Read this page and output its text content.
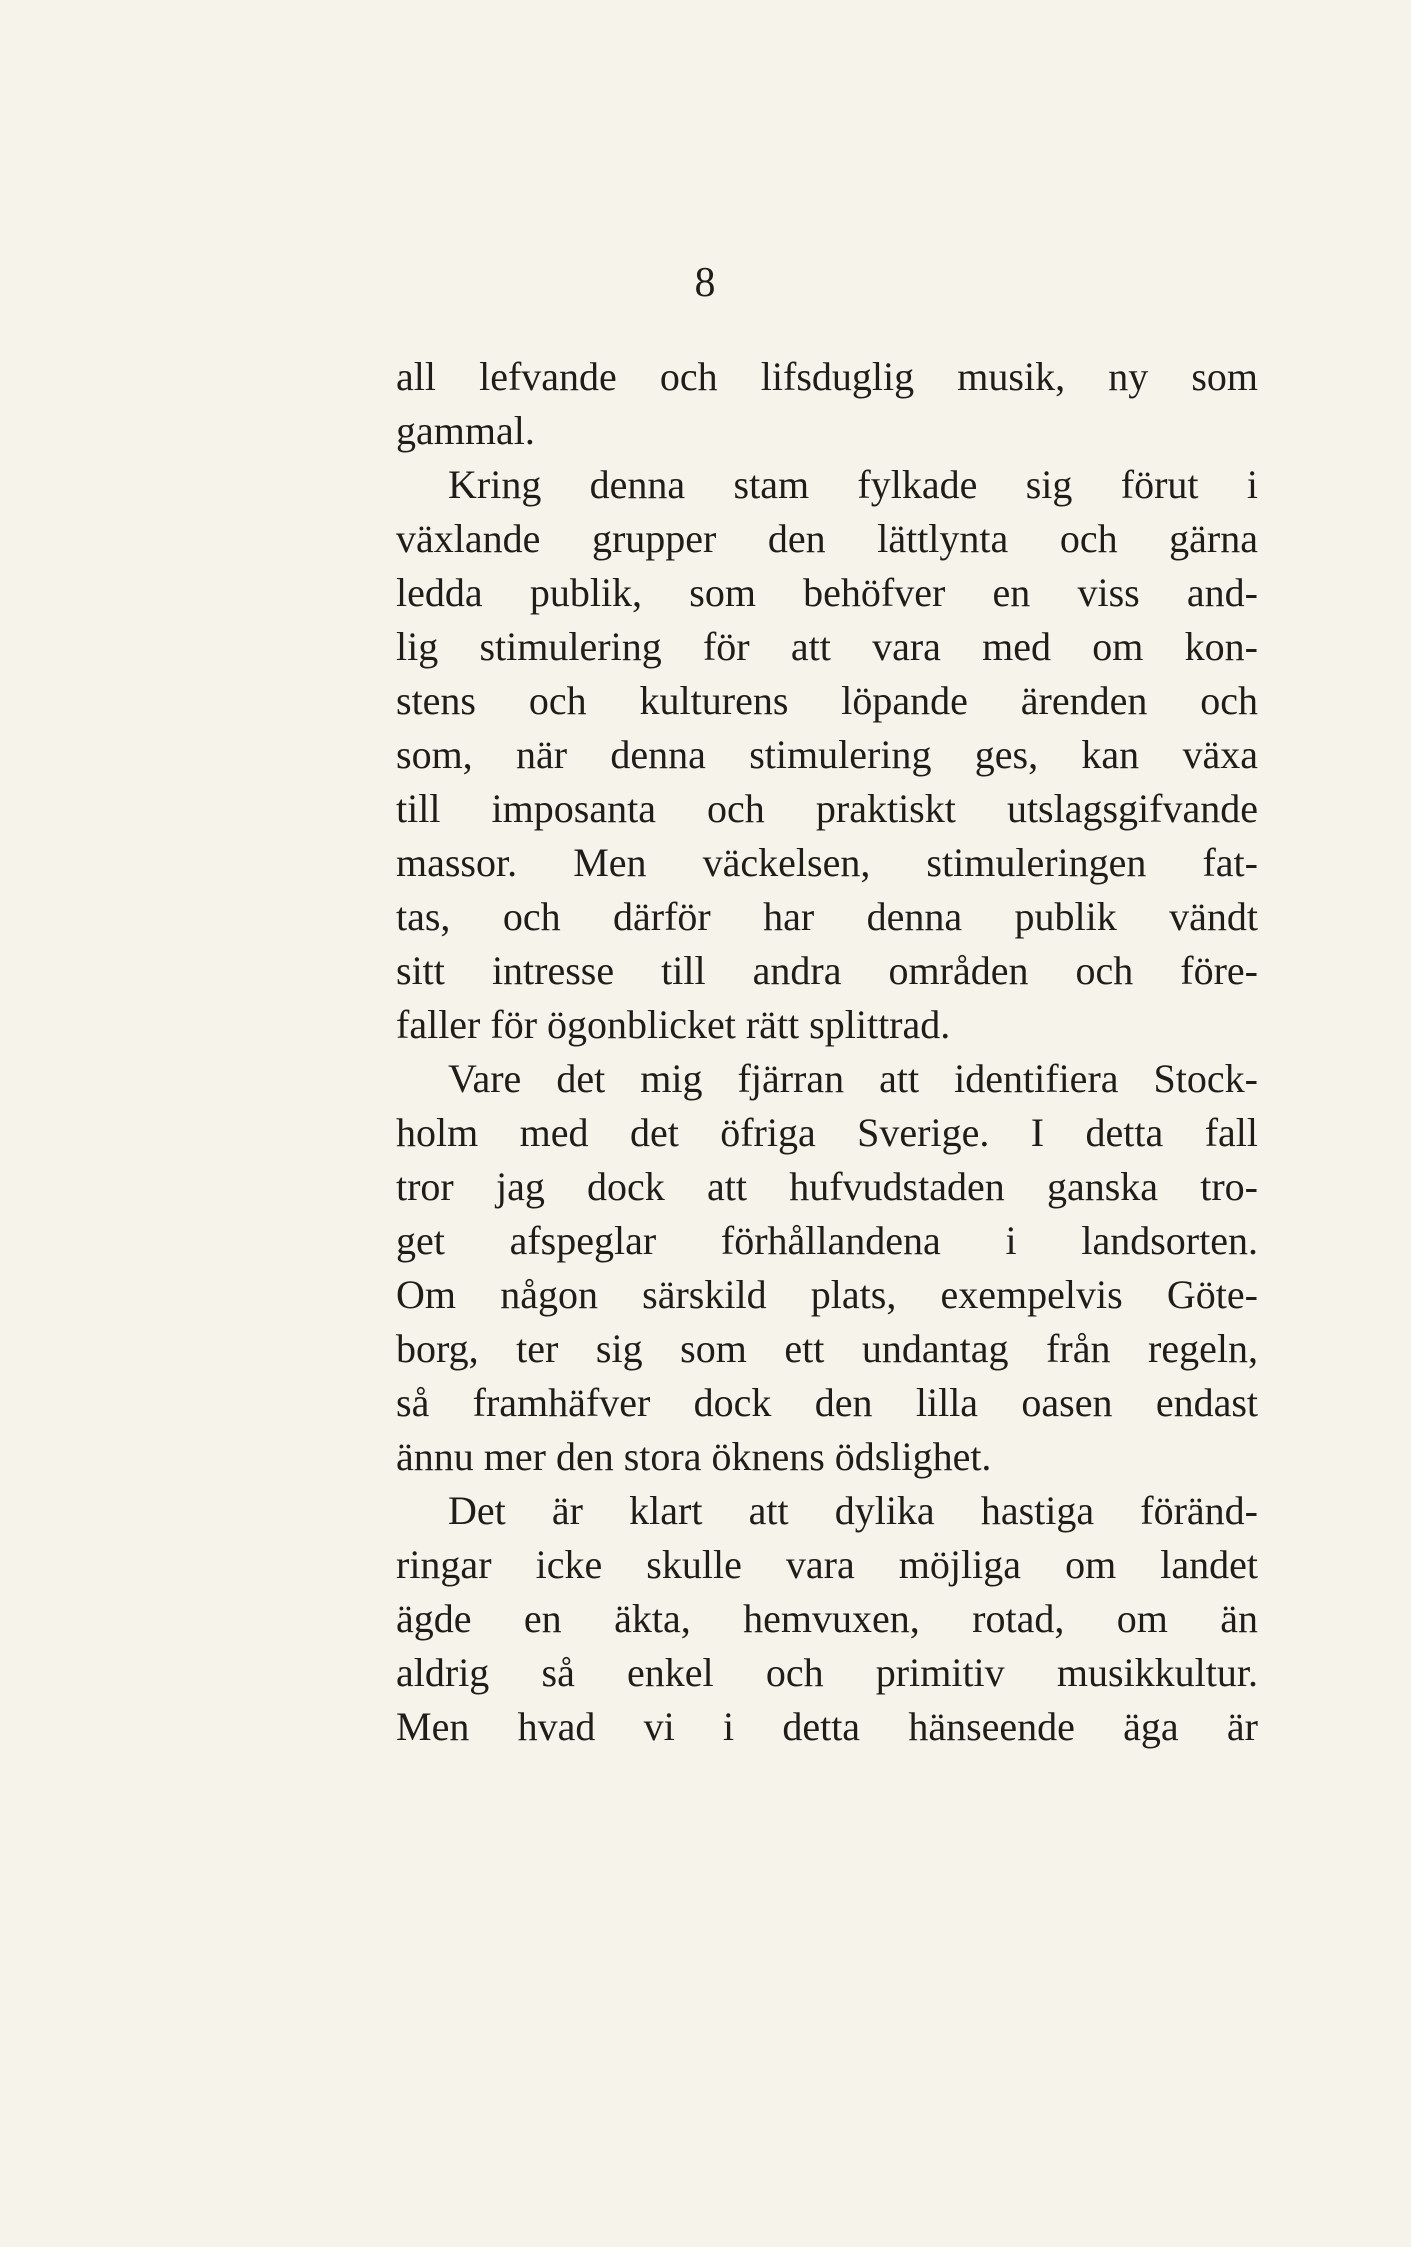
8
all lefvande och lifsduglig musik, ny som
gammal.
Kring denna stam fylkade sig förut i
växlande grupper den lättlynta och gärna
ledda publik, som behöfver en viss and-
lig stimulering för att vara med om kon-
stens och kulturens löpande ärenden och
som, när denna stimulering ges, kan växa
till imposanta och praktiskt utslagsgifvande
massor. Men väckelsen, stimuleringen fat-
tas, och därför har denna publik vändt
sitt intresse till andra områden och före-
faller för ögonblicket rätt splittrad.
Vare det mig fjärran att identifiera Stock-
holm med det öfriga Sverige. I detta fall
tror jag dock att hufvudstaden ganska tro-
get afspeglar förhållandena i landsorten.
Om någon särskild plats, exempelvis Göte-
borg, ter sig som ett undantag från regeln,
så framhäfver dock den lilla oasen endast
ännu mer den stora öknens ödslighet.
Det är klart att dylika hastiga föränd-
ringar icke skulle vara möjliga om landet
ägde en äkta, hemvuxen, rotad, om än
aldrig så enkel och primitiv musikkultur.
Men hvad vi i detta hänseende äga är
